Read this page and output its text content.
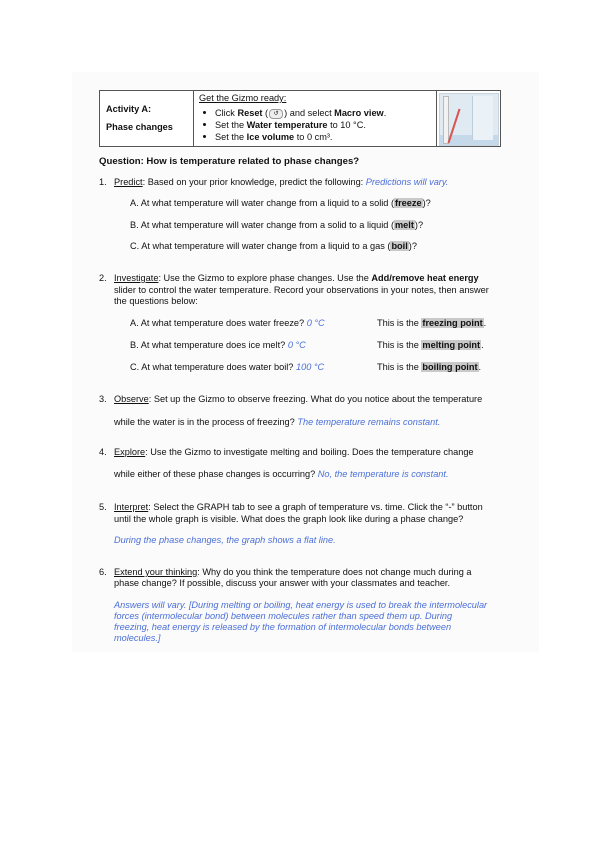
Activity A:
Phase changes
Get the Gizmo ready:
Click Reset ( ↺ ) and select Macro view.
Set the Water temperature to 10 °C.
Set the Ice volume to 0 cm³.
Question: How is temperature related to phase changes?
1. Predict: Based on your prior knowledge, predict the following: Predictions will vary.
A. At what temperature will water change from a liquid to a solid (freeze)?
B. At what temperature will water change from a solid to a liquid (melt)?
C. At what temperature will water change from a liquid to a gas (boil)?
2. Investigate: Use the Gizmo to explore phase changes. Use the Add/remove heat energy
slider to control the water temperature. Record your observations in your notes, then answer
the questions below:
A. At what temperature does water freeze? 0 °C	This is the freezing point.
B. At what temperature does ice melt? 0 °C	This is the melting point.
C. At what temperature does water boil? 100 °C	This is the boiling point.
3. Observe: Set up the Gizmo to observe freezing. What do you notice about the temperature
while the water is in the process of freezing? The temperature remains constant.
4. Explore: Use the Gizmo to investigate melting and boiling. Does the temperature change
while either of these phase changes is occurring? No, the temperature is constant.
5. Interpret: Select the GRAPH tab to see a graph of temperature vs. time. Click the “-” button
until the whole graph is visible. What does the graph look like during a phase change?
During the phase changes, the graph shows a flat line.
6. Extend your thinking: Why do you think the temperature does not change much during a
phase change? If possible, discuss your answer with your classmates and teacher.
Answers will vary. [During melting or boiling, heat energy is used to break the intermolecular
forces (intermolecular bond) between molecules rather than speed them up. During
freezing, heat energy is released by the formation of intermolecular bonds between
molecules.]
